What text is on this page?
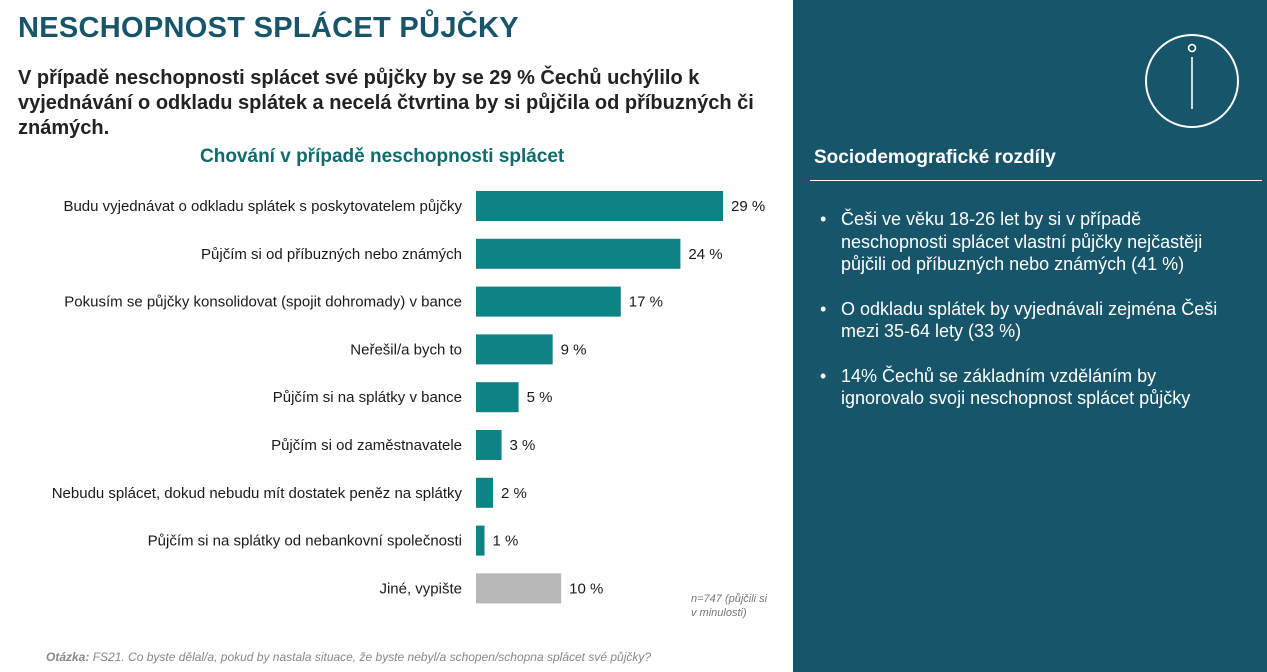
NESCHOPNOST SPLÁCET PŮJČKY
V případě neschopnosti splácet své půjčky by se 29 % Čechů uchýlilo k vyjednávání o odkladu splátek a necelá čtvrtina by si půjčila od příbuzných či známých.
Chování v případě neschopnosti splácet
Budu vyjednávat o odkladu splátek s poskytovatelem půjčky	29 %
Půjčím si od příbuzných nebo známých	24 %
Pokusím se půjčky konsolidovat (spojit dohromady) v bance	17 %
Neřešil/a bych to	9 %
Půjčím si na splátky v bance	5 %
Půjčím si od zaměstnavatele	3 %
Nebudu splácet, dokud nebudu mít dostatek peněz na splátky	2 %
Půjčím si na splátky od nebankovní společnosti 1 %
Jiné, vypište	10 %
n=747 (půjčili si v minulosti)
Otázka: FS21. Co byste dělal/a, pokud by nastala situace, že byste nebyl/a schopen/schopna splácet své půjčky?
Sociodemografické rozdíly
• Češi ve věku 18-26 let by si v případě neschopnosti splácet vlastní půjčky nejčastěji půjčili od příbuzných nebo známých (41 %)
• O odkladu splátek by vyjednávali zejména Češi mezi 35-64 lety (33 %)
• 14% Čechů se základním vzděláním by ignorovalo svoji neschopnost splácet půjčky
